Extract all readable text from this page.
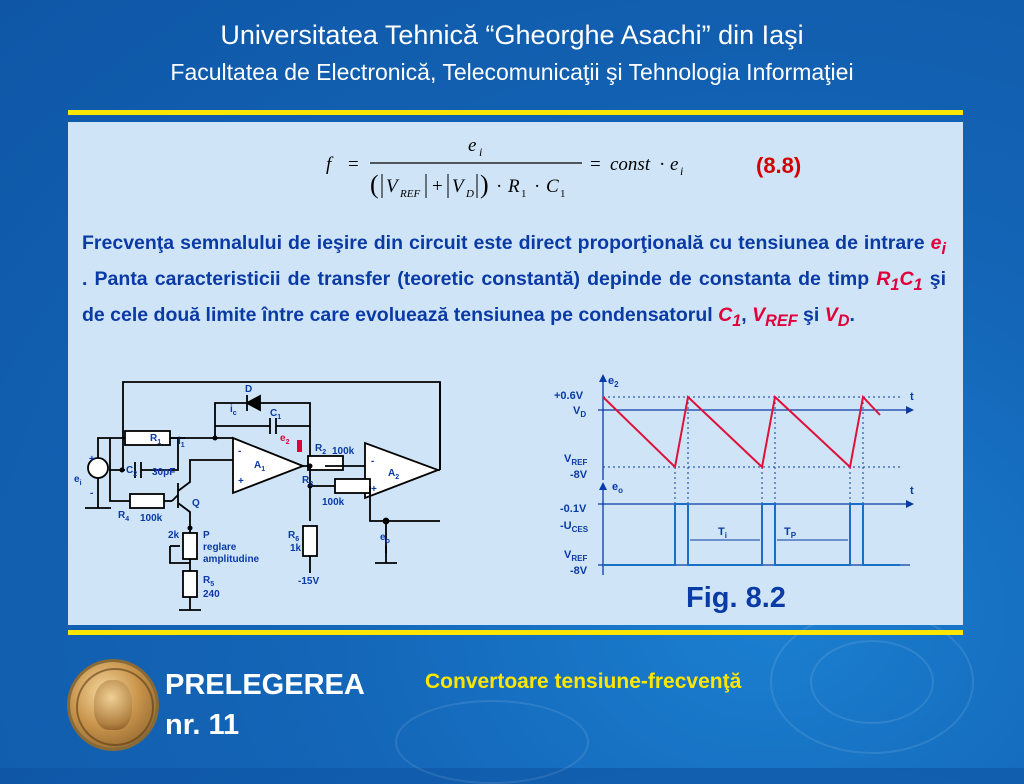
Universitatea Tehnică “Gheorghe Asachi” din Iaşi
Facultatea de Electronică, Telecomunicaţii şi Tehnologia Informaţiei
f =
e i
( V REF + V D ) · R 1 · C 1
= const · e i	(8.8)
Frecvenţa semnalului de ieşire din circuit este direct proporţională cu tensiunea de intrare $e_i$ . Panta caracteristicii de transfer (teoretic constantă) depinde de constanta de timp $R_1C_1$ şi de cele două limite între care evoluează tensiunea pe condensatorul $C_1$, $V_{REF}$ şi $V_D$.
D
$i_c$	$C_1$
$R_1$ $i_1$
$e_2$
$R_2$ 100k
$A_1$	$A_2$
-
+
-
+
+
-
$e_i$
$C_2$ 30pF
$R_4$ 100k
Q
$R_3$
100k
2k P
reglare
amplitudine
$R_5$
240
$R_6$
1k
-15V
$e_o$
$e_2$
$e_o$
t
t
+0.6V
$V_D$
$V_{REF}$
-8V
-0.1V
$-U_{CES}$
$V_{REF}$
-8V
$T_i$	$T_P$
Fig. 8.2
PRELEGEREA
nr. 11
Convertoare tensiune-frecvenţă
